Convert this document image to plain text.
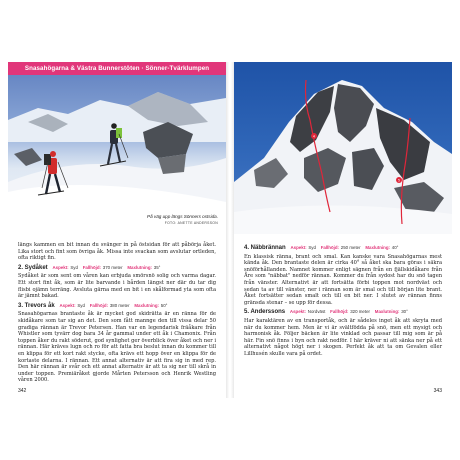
Snasahögarna & Västra Bunnerstöten · Sönner-Tvärklumpen
På väg upp längs Sönners ostsida.
FOTO: ANETTE ANDERSSON

längs kammen en bit innan du svänger in på östsidan för att påbörja åket. Lika stort och fint som övriga åk. Missa inte svackan som avslutar ortleden, ofta riktigt fin.

2. Sydåket Aspekt: Syd Fallhöjd: 370 meter Maxlutning: 35°

Sydåket är som sent om våren kan erbjuda smörsnö solig och varma dagar. Ett stort fint åk, som är lite barvande i bården längst ner där du tar dig flisbi ojämn terräng. Avsluta gärna med en bit i en skålformad yta som ofta är jämnt bakad.

3. Trevors åk Aspekt: Syd Fallhöjd: 380 meter Maxlutning: 50°

Snasahögarnas brantaste åk är mycket god skidrätta är en ränna för de skidåkare som tar sig an det. Den som fått mannge den till vissa delar 50 gradiga rännan är Trevor Petersen. Han var en legendarisk fräåkare från Whistler som tyvärr dog bara 34 år gammal under ett åk i Chamonix. Från toppen åker du rakt söderut, god synlighet ger överblick över åket och ner i rännan. Här kräves lugn och ro för att fatta bra beslut innan du kommer till en klippa för ett kort rakt stycke, ofta krävs ett hopp över en klippa för de kortaste delarna. I rännan. Ett annat alternativ är att fira sig in med rep. Den här rännan är svår och ett annat alternativ är att ta sig ner till skrå in under toppen. Premiäråket gjorde Mårten Petersson och Henrik Westling våren 2000.

342
4
5
4. Näbbrännan Aspekt: Syd Fallhöjd: 250 meter Maxlutning: 40°

En klassisk ränna, brant och smal. Kan kanske vara Snasahögarnas mest kända åk. Den brantaste delen är cirka 40° så åket ska bara göras i säkra snöförhållanden. Namnet kommer enligt sägnen från en fjällskidåkare från Åre som "näbbat" nedför rännan. Kommer du från sydost har du snö tagen från vänster. Alternativt är att fortsätta förbi toppen mot nordväst och sedan ta av till vänster, ner i rännan som är smal och till början lite brant. Åket fortsätter sedan smalt och till en bit ner. I slutet av rännan finns gränsda stenar – se upp för dessa.

5. Anderssons Aspekt: Nordväst Fallhöjd: 320 meter Maxlutning: 30°

Har karaktären av en transportåk, och är sådeles inget åk att skryta med när du kommer hem. Men är vi är svältfödda på snö, men ett mysigt och harmonisk åk. Följer bäcken är lite vinklad och passar till mig som är på här. Fin snö finns i byn och rakt nedför. I här kräver ni att sänka ner på ett alternativt något högt ner i skogen. Perfekt åk att ta om Gevalen eller Lillhusén skulle vara på ordet.

343
